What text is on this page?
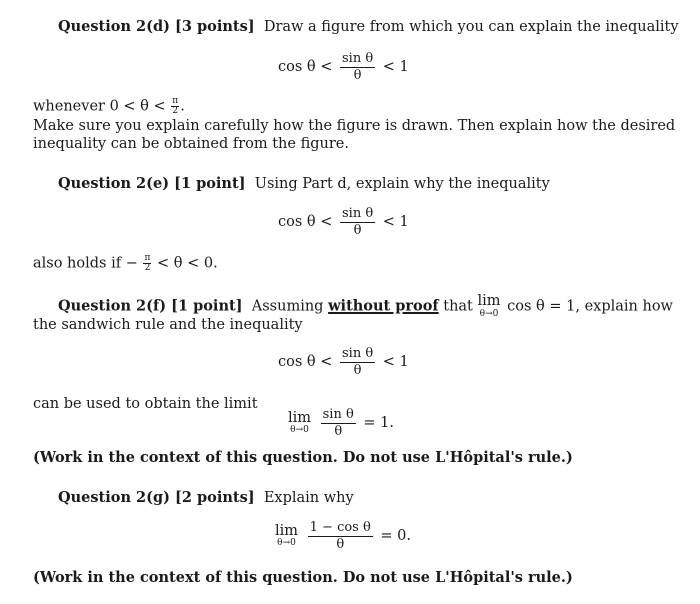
Question 2(d) [3 points] Draw a figure from which you can explain the inequality
$\cos \theta < \frac{\text{sin θ}}{\theta} < 1$
whenever $0 < \theta < \frac{\pi}{2}$ .
Make sure you explain carefully how the figure is drawn. Then explain how the desired
inequality can be obtained from the figure.
Question 2(e) [1 point] Using Part d, explain why the inequality
$\cos \theta < \frac{\text{sin θ}}{\theta} < 1$
also holds if − $\frac{\pi}{2} < \theta < 0$.
Question 2(f) [1 point] Assuming without proof that lim
θ→0 cos θ = 1, explain how
the sandwich rule and the inequality
$\cos \theta < \frac{\text{sin θ}}{\theta} < 1$
can be used to obtain the limit
lim
θ→0
$\frac{\text{sin θ}}{\theta} = 1$.
(Work in the context of this question. Do not use L'Hôpital's rule.)
Question 2(g) [2 points] Explain why
lim
θ→0
$\frac{\text{1 − cos θ}}{\theta} = 0$.
(Work in the context of this question. Do not use L'Hôpital's rule.)
